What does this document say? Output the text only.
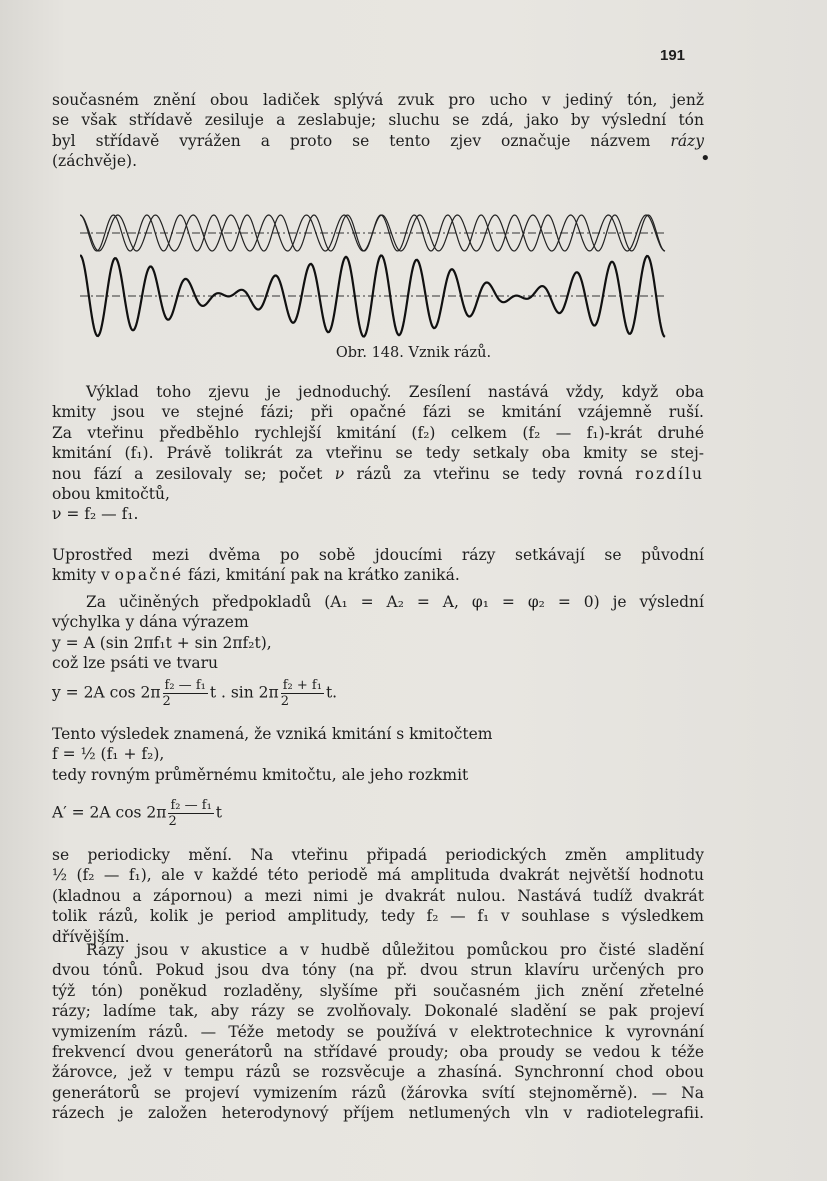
191
současném znění obou ladiček splývá zvuk pro ucho v jediný tón, jenž
se však střídavě zesiluje a zeslabuje; sluchu se zdá, jako by výslední tón
byl střídavě vyrážen a proto se tento zjev označuje názvem rázy
(záchvěje).
Obr. 148. Vznik rázů.
Výklad toho zjevu je jednoduchý. Zesílení nastává vždy, když oba
kmity jsou ve stejné fázi; při opačné fázi se kmitání vzájemně ruší.
Za vteřinu předběhlo rychlejší kmitání (f₂) celkem (f₂ — f₁)-krát druhé
kmitání (f₁). Právě tolikrát za vteřinu se tedy setkaly oba kmity se stej-
nou fází a zesilovaly se; počet ν rázů za vteřinu se tedy rovná rozdílu
obou kmitočtů,
ν = f₂ — f₁.
Uprostřed mezi dvěma po sobě jdoucími rázy setkávají se původní
kmity v opačné fázi, kmitání pak na krátko zaniká.
Za učiněných předpokladů (A₁ = A₂ = A, φ₁ = φ₂ = 0) je výslední
výchylka y dána výrazem
y = A (sin 2πf₁t + sin 2πf₂t),
což lze psáti ve tvaru
y = 2A $\cos 2\pi \frac{\text{f₂ — f₁}}{2}$ t . $\sin 2\pi \frac{\text{f₂ + f₁}}{2} t$.
Tento výsledek znamená, že vzniká kmitání s kmitočtem
f = ½ (f₁ + f₂),
tedy rovným průměrnému kmitočtu, ale jeho rozkmit
A′ = 2A $\cos 2\pi \frac{\text{f₂ — f₁}}{2}$ t
se periodicky mění. Na vteřinu připadá periodických změn amplitudy
½ (f₂ — f₁), ale v každé této periodě má amplituda dvakrát největší hodnotu
(kladnou a zápornou) a mezi nimi je dvakrát nulou. Nastává tudíž dvakrát
tolik rázů, kolik je period amplitudy, tedy f₂ — f₁ v souhlase s výsledkem
dřívějším.
Rázy jsou v akustice a v hudbě důležitou pomůckou pro čisté sladění
dvou tónů. Pokud jsou dva tóny (na př. dvou strun klavíru určených pro
týž tón) poněkud rozladěny, slyšíme při současném jich znění zřetelné
rázy; ladíme tak, aby rázy se zvolňovaly. Dokonalé sladění se pak projeví
vymizením rázů. — Téže metody se používá v elektrotechnice k vyrovnání
frekvencí dvou generátorů na střídavé proudy; oba proudy se vedou k téže
žárovce, jež v tempu rázů se rozsvěcuje a zhasíná. Synchronní chod obou
generátorů se projeví vymizením rázů (žárovka svítí stejnoměrně). — Na
rázech je založen heterodynový příjem netlumených vln v radiotelegrafii.
•
